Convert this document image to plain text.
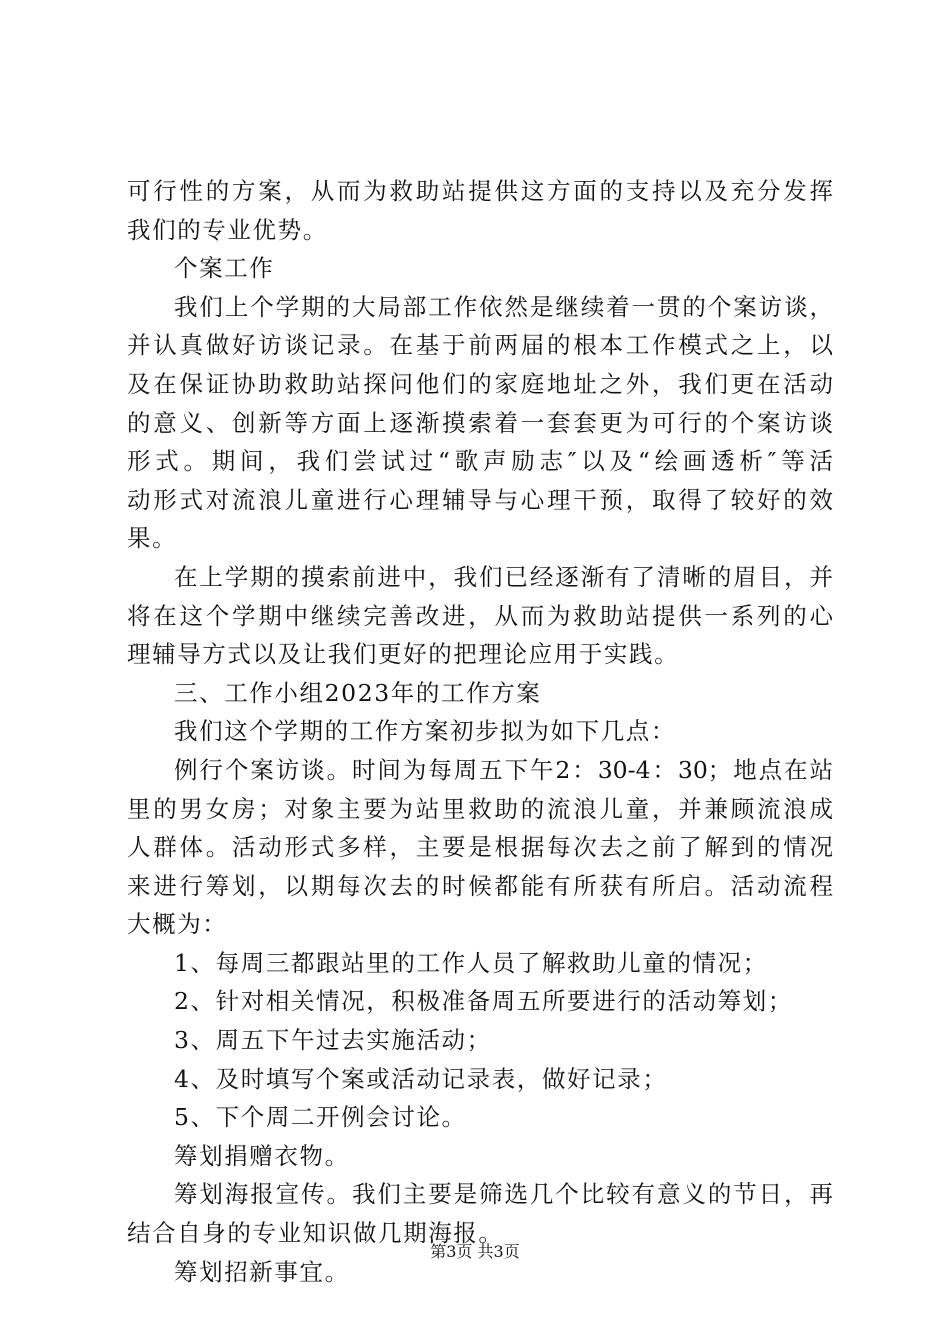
可行性的方案，从而为救助站提供这方面的支持以及充分发挥
我们的专业优势。
个案工作
我们上个学期的大局部工作依然是继续着一贯的个案访谈，
并认真做好访谈记录。在基于前两届的根本工作模式之上，以
及在保证协助救助站探问他们的家庭地址之外，我们更在活动
的意义、创新等方面上逐渐摸索着一套套更为可行的个案访谈
形式。期间，我们尝试过“歌声励志″以及“绘画透析″等活
动形式对流浪儿童进行心理辅导与心理干预，取得了较好的效
果。
在上学期的摸索前进中，我们已经逐渐有了清晰的眉目，并
将在这个学期中继续完善改进，从而为救助站提供一系列的心
理辅导方式以及让我们更好的把理论应用于实践。
三、工作小组2023年的工作方案
我们这个学期的工作方案初步拟为如下几点：
例行个案访谈。时间为每周五下午2：30-4：30；地点在站
里的男女房；对象主要为站里救助的流浪儿童，并兼顾流浪成
人群体。活动形式多样，主要是根据每次去之前了解到的情况
来进行筹划，以期每次去的时候都能有所获有所启。活动流程
大概为：
1、每周三都跟站里的工作人员了解救助儿童的情况；
2、针对相关情况，积极准备周五所要进行的活动筹划；
3、周五下午过去实施活动；
4、及时填写个案或活动记录表，做好记录；
5、下个周二开例会讨论。
筹划捐赠衣物。
筹划海报宣传。我们主要是筛选几个比较有意义的节日，再
结合自身的专业知识做几期海报。
筹划招新事宜。
第3页 共3页
